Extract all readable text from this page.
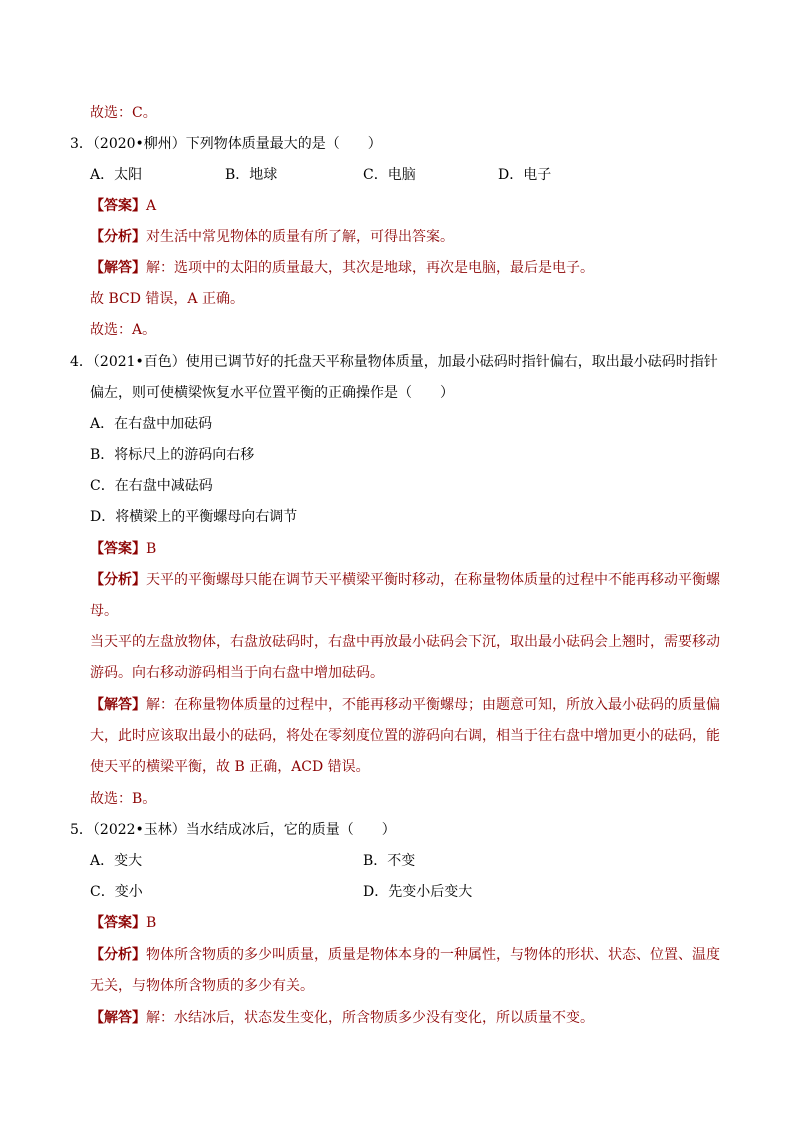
故选：C。
3．（2020•柳州）下列物体质量最大的是（　　）
A．太阳	B．地球	C．电脑	D．电子
【答案】A
【分析】对生活中常见物体的质量有所了解，可得出答案。
【解答】解：选项中的太阳的质量最大，其次是地球，再次是电脑，最后是电子。
故 BCD 错误，A 正确。
故选：A。
4．（2021•百色）使用已调节好的托盘天平称量物体质量，加最小砝码时指针偏右，取出最小砝码时指针
偏左，则可使横梁恢复水平位置平衡的正确操作是（　　）
A．在右盘中加砝码
B．将标尺上的游码向右移
C．在右盘中减砝码
D．将横梁上的平衡螺母向右调节
【答案】B
【分析】天平的平衡螺母只能在调节天平横梁平衡时移动，在称量物体质量的过程中不能再移动平衡螺
母。
当天平的左盘放物体，右盘放砝码时，右盘中再放最小砝码会下沉，取出最小砝码会上翘时，需要移动
游码。向右移动游码相当于向右盘中增加砝码。
【解答】解：在称量物体质量的过程中，不能再移动平衡螺母；由题意可知，所放入最小砝码的质量偏
大，此时应该取出最小的砝码，将处在零刻度位置的游码向右调，相当于往右盘中增加更小的砝码，能
使天平的横梁平衡，故 B 正确，ACD 错误。
故选：B。
5．（2022•玉林）当水结成冰后，它的质量（　　）
A．变大	B．不变
C．变小	D．先变小后变大
【答案】B
【分析】物体所含物质的多少叫质量，质量是物体本身的一种属性，与物体的形状、状态、位置、温度
无关，与物体所含物质的多少有关。
【解答】解：水结冰后，状态发生变化，所含物质多少没有变化，所以质量不变。
